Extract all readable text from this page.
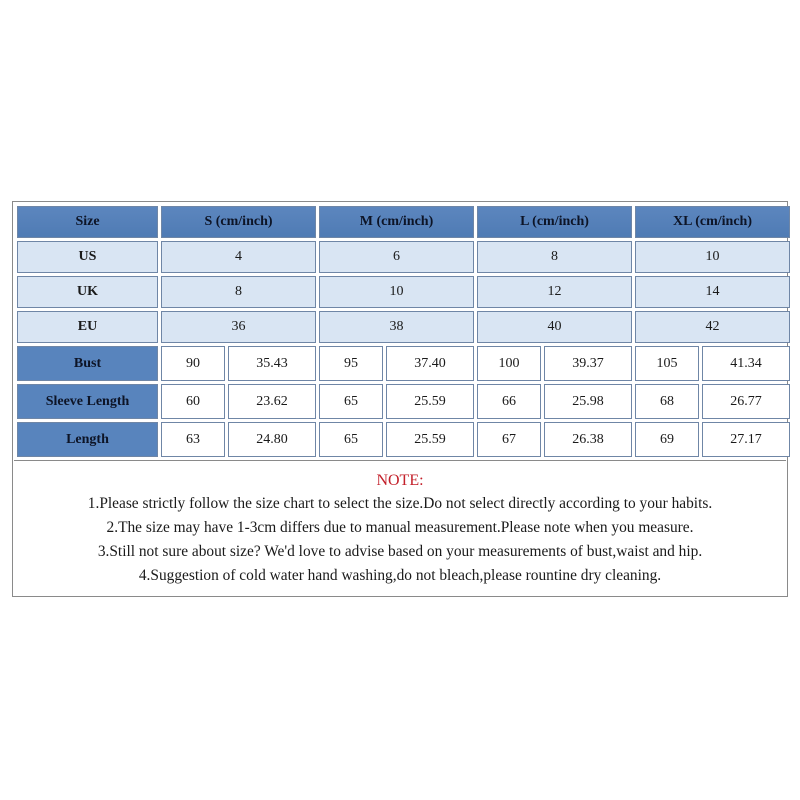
Size	S (cm/inch)		M (cm/inch)		L (cm/inch)		XL (cm/inch)	
US	4		6		8		10	
UK	8		10		12		14	
EU	36		38		40		42	
Bust	90	35.43	95	37.40	100	39.37	105	41.34
Sleeve Length	60	23.62	65	25.59	66	25.98	68	26.77
Length	63	24.80	65	25.59	67	26.38	69	27.17
NOTE:
1.Please strictly follow the size chart to select the size.Do not select directly according to your habits.
2.The size may have 1-3cm differs due to manual measurement.Please note when you measure.
3.Still not sure about size? We'd love to advise based on your measurements of bust,waist and hip.
4.Suggestion of cold water hand washing,do not bleach,please rountine dry cleaning.
